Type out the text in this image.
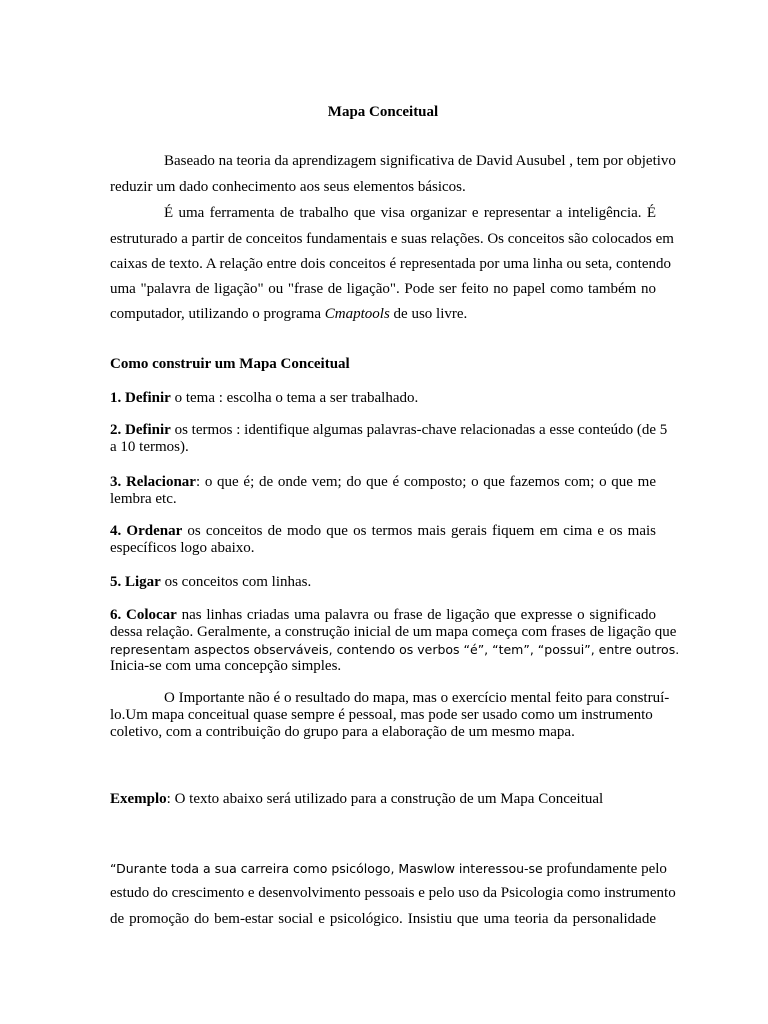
Mapa Conceitual
Baseado na teoria da aprendizagem significativa de David Ausubel , tem por objetivo
reduzir um dado conhecimento aos seus elementos básicos.
É uma ferramenta de trabalho que visa organizar e representar a inteligência. É
estruturado a partir de conceitos fundamentais e suas relações. Os conceitos são colocados em
caixas de texto. A relação entre dois conceitos é representada por uma linha ou seta, contendo
uma "palavra de ligação" ou "frase de ligação". Pode ser feito no papel como também no
computador, utilizando o programa Cmaptools de uso livre.
Como construir um Mapa Conceitual
1. Definir o tema : escolha o tema a ser trabalhado.
2. Definir os termos : identifique algumas palavras-chave relacionadas a esse conteúdo (de 5
a 10 termos).
3. Relacionar: o que é; de onde vem; do que é composto; o que fazemos com; o que me
lembra etc.
4. Ordenar os conceitos de modo que os termos mais gerais fiquem em cima e os mais
específicos logo abaixo.
5. Ligar os conceitos com linhas.
6. Colocar nas linhas criadas uma palavra ou frase de ligação que expresse o significado
dessa relação. Geralmente, a construção inicial de um mapa começa com frases de ligação que
representam aspectos observáveis, contendo os verbos “é”, “tem”, “possui”, entre outros.
Inicia-se com uma concepção simples.
O Importante não é o resultado do mapa, mas o exercício mental feito para construí-
lo.Um mapa conceitual quase sempre é pessoal, mas pode ser usado como um instrumento
coletivo, com a contribuição do grupo para a elaboração de um mesmo mapa.
Exemplo: O texto abaixo será utilizado para a construção de um Mapa Conceitual
“Durante toda a sua carreira como psicólogo, Maswlow interessou-se profundamente pelo
estudo do crescimento e desenvolvimento pessoais e pelo uso da Psicologia como instrumento
de promoção do bem-estar social e psicológico. Insistiu que uma teoria da personalidade
